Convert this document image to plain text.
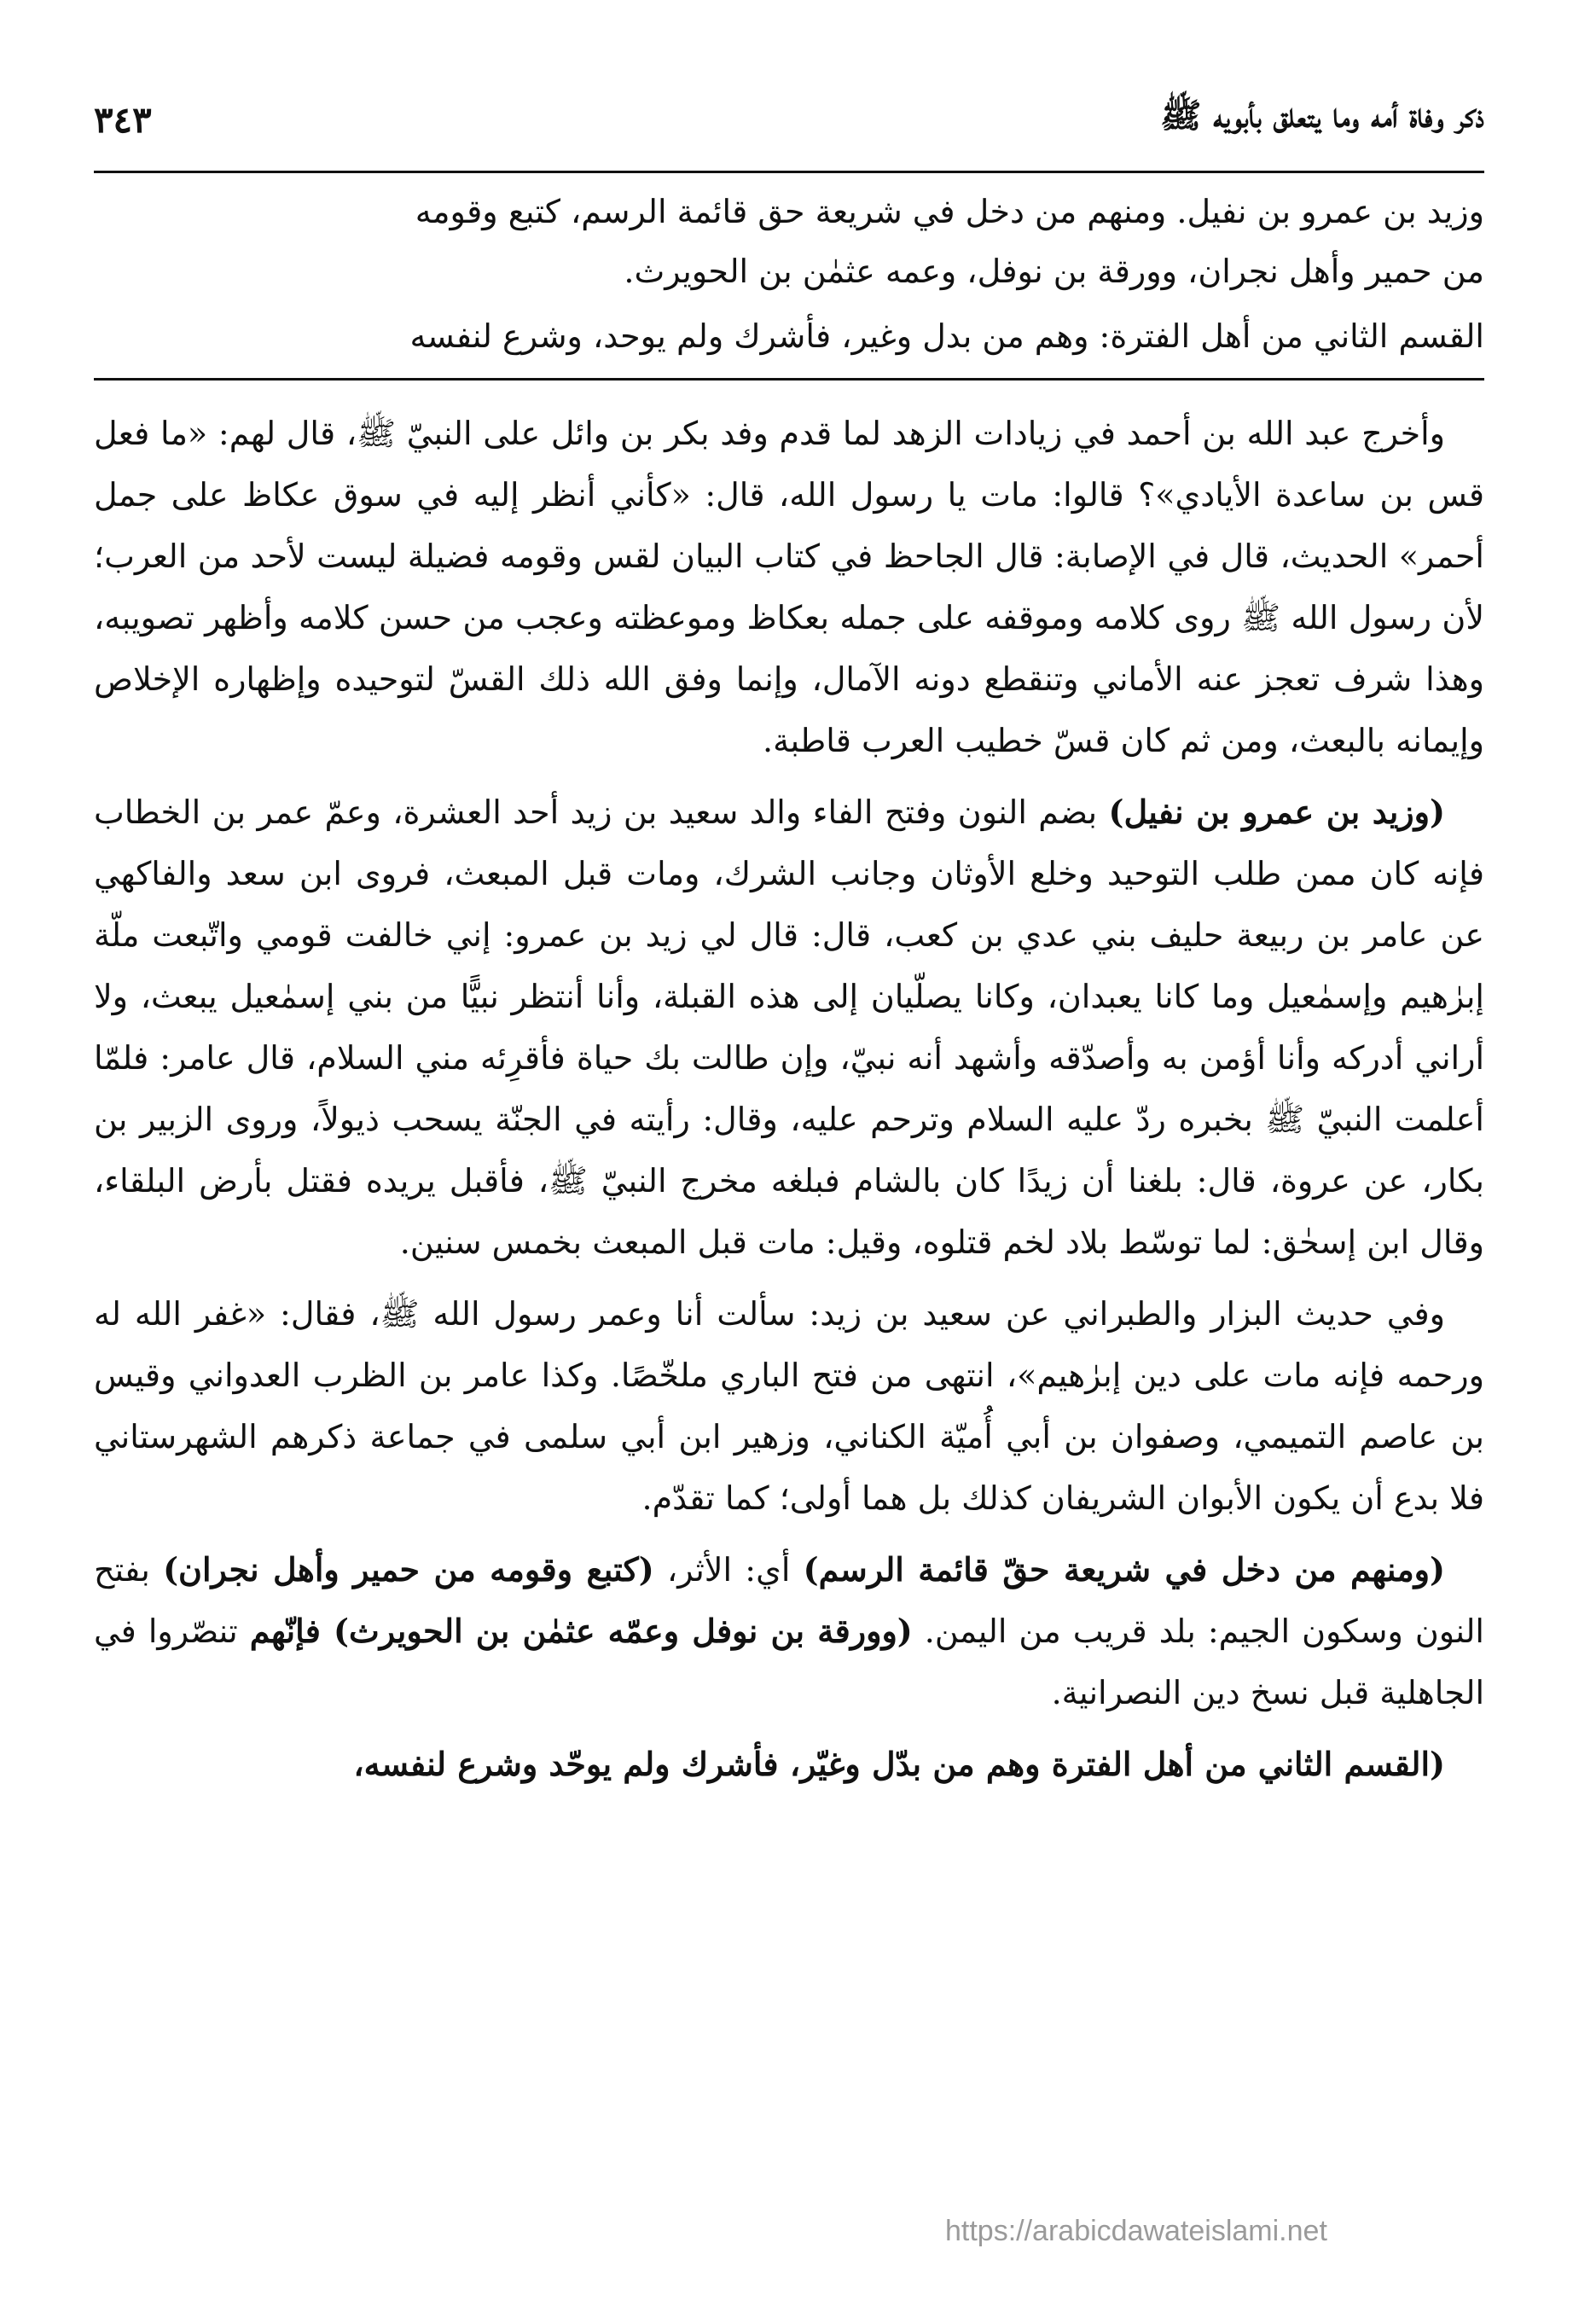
ذكر وفاة أمه وما يتعلق بأبويه ﷺ
٣٤٣

وزيد بن عمرو بن نفيل. ومنهم من دخل في شريعة حق قائمة الرسم، كتبع وقومه

من حمير وأهل نجران، وورقة بن نوفل، وعمه عثمٰن بن الحويرث.

القسم الثاني من أهل الفترة: وهم من بدل وغير، فأشرك ولم يوحد، وشرع لنفسه

وأخرج عبد الله بن أحمد في زيادات الزهد لما قدم وفد بكر بن وائل على النبيّ ﷺ، قال لهم: «ما فعل قس بن ساعدة الأيادي»؟ قالوا: مات يا رسول الله، قال: «كأني أنظر إليه في سوق عكاظ على جمل أحمر» الحديث، قال في الإصابة: قال الجاحظ في كتاب البيان لقس وقومه فضيلة ليست لأحد من العرب؛ لأن رسول الله ﷺ روى كلامه وموقفه على جمله بعكاظ وموعظته وعجب من حسن كلامه وأظهر تصويبه، وهذا شرف تعجز عنه الأماني وتنقطع دونه الآمال، وإنما وفق الله ذلك القسّ لتوحيده وإظهاره الإخلاص وإيمانه بالبعث، ومن ثم كان قسّ خطيب العرب قاطبة.

(وزيد بن عمرو بن نفيل) بضم النون وفتح الفاء والد سعيد بن زيد أحد العشرة، وعمّ عمر بن الخطاب فإنه كان ممن طلب التوحيد وخلع الأوثان وجانب الشرك، ومات قبل المبعث، فروى ابن سعد والفاكهي عن عامر بن ربيعة حليف بني عدي بن كعب، قال: قال لي زيد بن عمرو: إني خالفت قومي واتّبعت ملّة إبرٰهيم وإسمٰعيل وما كانا يعبدان، وكانا يصلّيان إلى هذه القبلة، وأنا أنتظر نبيًّا من بني إسمٰعيل يبعث، ولا أراني أدركه وأنا أؤمن به وأصدّقه وأشهد أنه نبيّ، وإن طالت بك حياة فأقرِئه مني السلام، قال عامر: فلمّا أعلمت النبيّ ﷺ بخبره ردّ عليه السلام وترحم عليه، وقال: رأيته في الجنّة يسحب ذيولاً، وروى الزبير بن بكار، عن عروة، قال: بلغنا أن زيدًا كان بالشام فبلغه مخرج النبيّ ﷺ، فأقبل يريده فقتل بأرض البلقاء، وقال ابن إسحٰق: لما توسّط بلاد لخم قتلوه، وقيل: مات قبل المبعث بخمس سنين.

وفي حديث البزار والطبراني عن سعيد بن زيد: سألت أنا وعمر رسول الله ﷺ، فقال: «غفر الله له ورحمه فإنه مات على دين إبرٰهيم»، انتهى من فتح الباري ملخّصًا. وكذا عامر بن الظرب العدواني وقيس بن عاصم التميمي، وصفوان بن أبي أُميّة الكناني، وزهير ابن أبي سلمى في جماعة ذكرهم الشهرستاني فلا بدع أن يكون الأبوان الشريفان كذلك بل هما أولى؛ كما تقدّم.

(ومنهم من دخل في شريعة حقّ قائمة الرسم) أي: الأثر، (كتبع وقومه من حمير وأهل نجران) بفتح النون وسكون الجيم: بلد قريب من اليمن. (وورقة بن نوفل وعمّه عثمٰن بن الحويرث) فإنّهم تنصّروا في الجاهلية قبل نسخ دين النصرانية.

(القسم الثاني من أهل الفترة وهم من بدّل وغيّر، فأشرك ولم يوحّد وشرع لنفسه،

https://arabicdawateislami.net
